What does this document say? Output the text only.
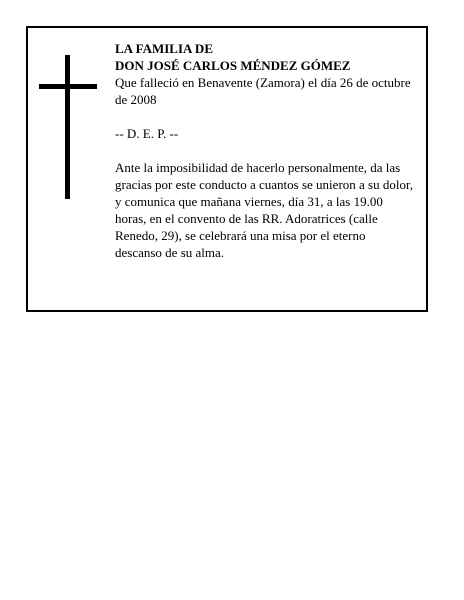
LA FAMILIA DE

DON JOSÉ CARLOS MÉNDEZ GÓMEZ

Que falleció en Benavente (Zamora) el día 26 de octubre de 2008

-- D. E. P. --

Ante la imposibilidad de hacerlo personalmente, da las gracias por este conducto a cuantos se unieron a su dolor, y comunica que mañana viernes, día 31, a las 19.00 horas, en el convento de las RR. Adoratrices (calle Renedo, 29), se celebrará una misa por el eterno descanso de su alma.
